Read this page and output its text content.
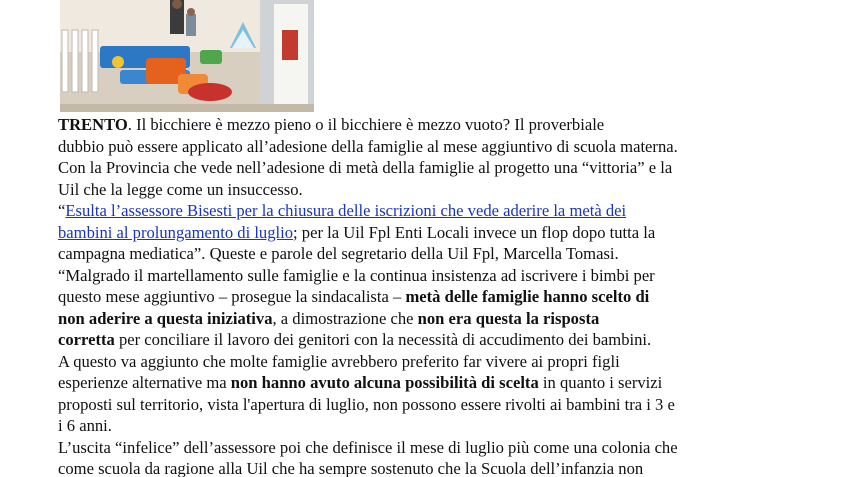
TRENTO. Il bicchiere è mezzo pieno o il bicchiere è mezzo vuoto? Il proverbiale
dubbio può essere applicato all’adesione della famiglie al mese aggiuntivo di scuola materna.
Con la Provincia che vede nell’adesione di metà della famiglie al progetto una “vittoria” e la
Uil che la legge come un insuccesso.
“Esulta l’assessore Bisesti per la chiusura delle iscrizioni che vede aderire la metà dei
bambini al prolungamento di luglio; per la Uil Fpl Enti Locali invece un flop dopo tutta la
campagna mediatica”. Queste e parole del segretario della Uil Fpl, Marcella Tomasi.
“Malgrado il martellamento sulle famiglie e la continua insistenza ad iscrivere i bimbi per
questo mese aggiuntivo – prosegue la sindacalista – metà delle famiglie hanno scelto di
non aderire a questa iniziativa, a dimostrazione che non era questa la risposta
corretta per conciliare il lavoro dei genitori con la necessità di accudimento dei bambini.
A questo va aggiunto che molte famiglie avrebbero preferito far vivere ai propri figli
esperienze alternative ma non hanno avuto alcuna possibilità di scelta in quanto i servizi
proposti sul territorio, vista l'apertura di luglio, non possono essere rivolti ai bambini tra i 3 e
i 6 anni.
L’uscita “infelice” dell’assessore poi che definisce il mese di luglio più come una colonia che
come scuola da ragione alla Uil che ha sempre sostenuto che la Scuola dell’infanzia non
